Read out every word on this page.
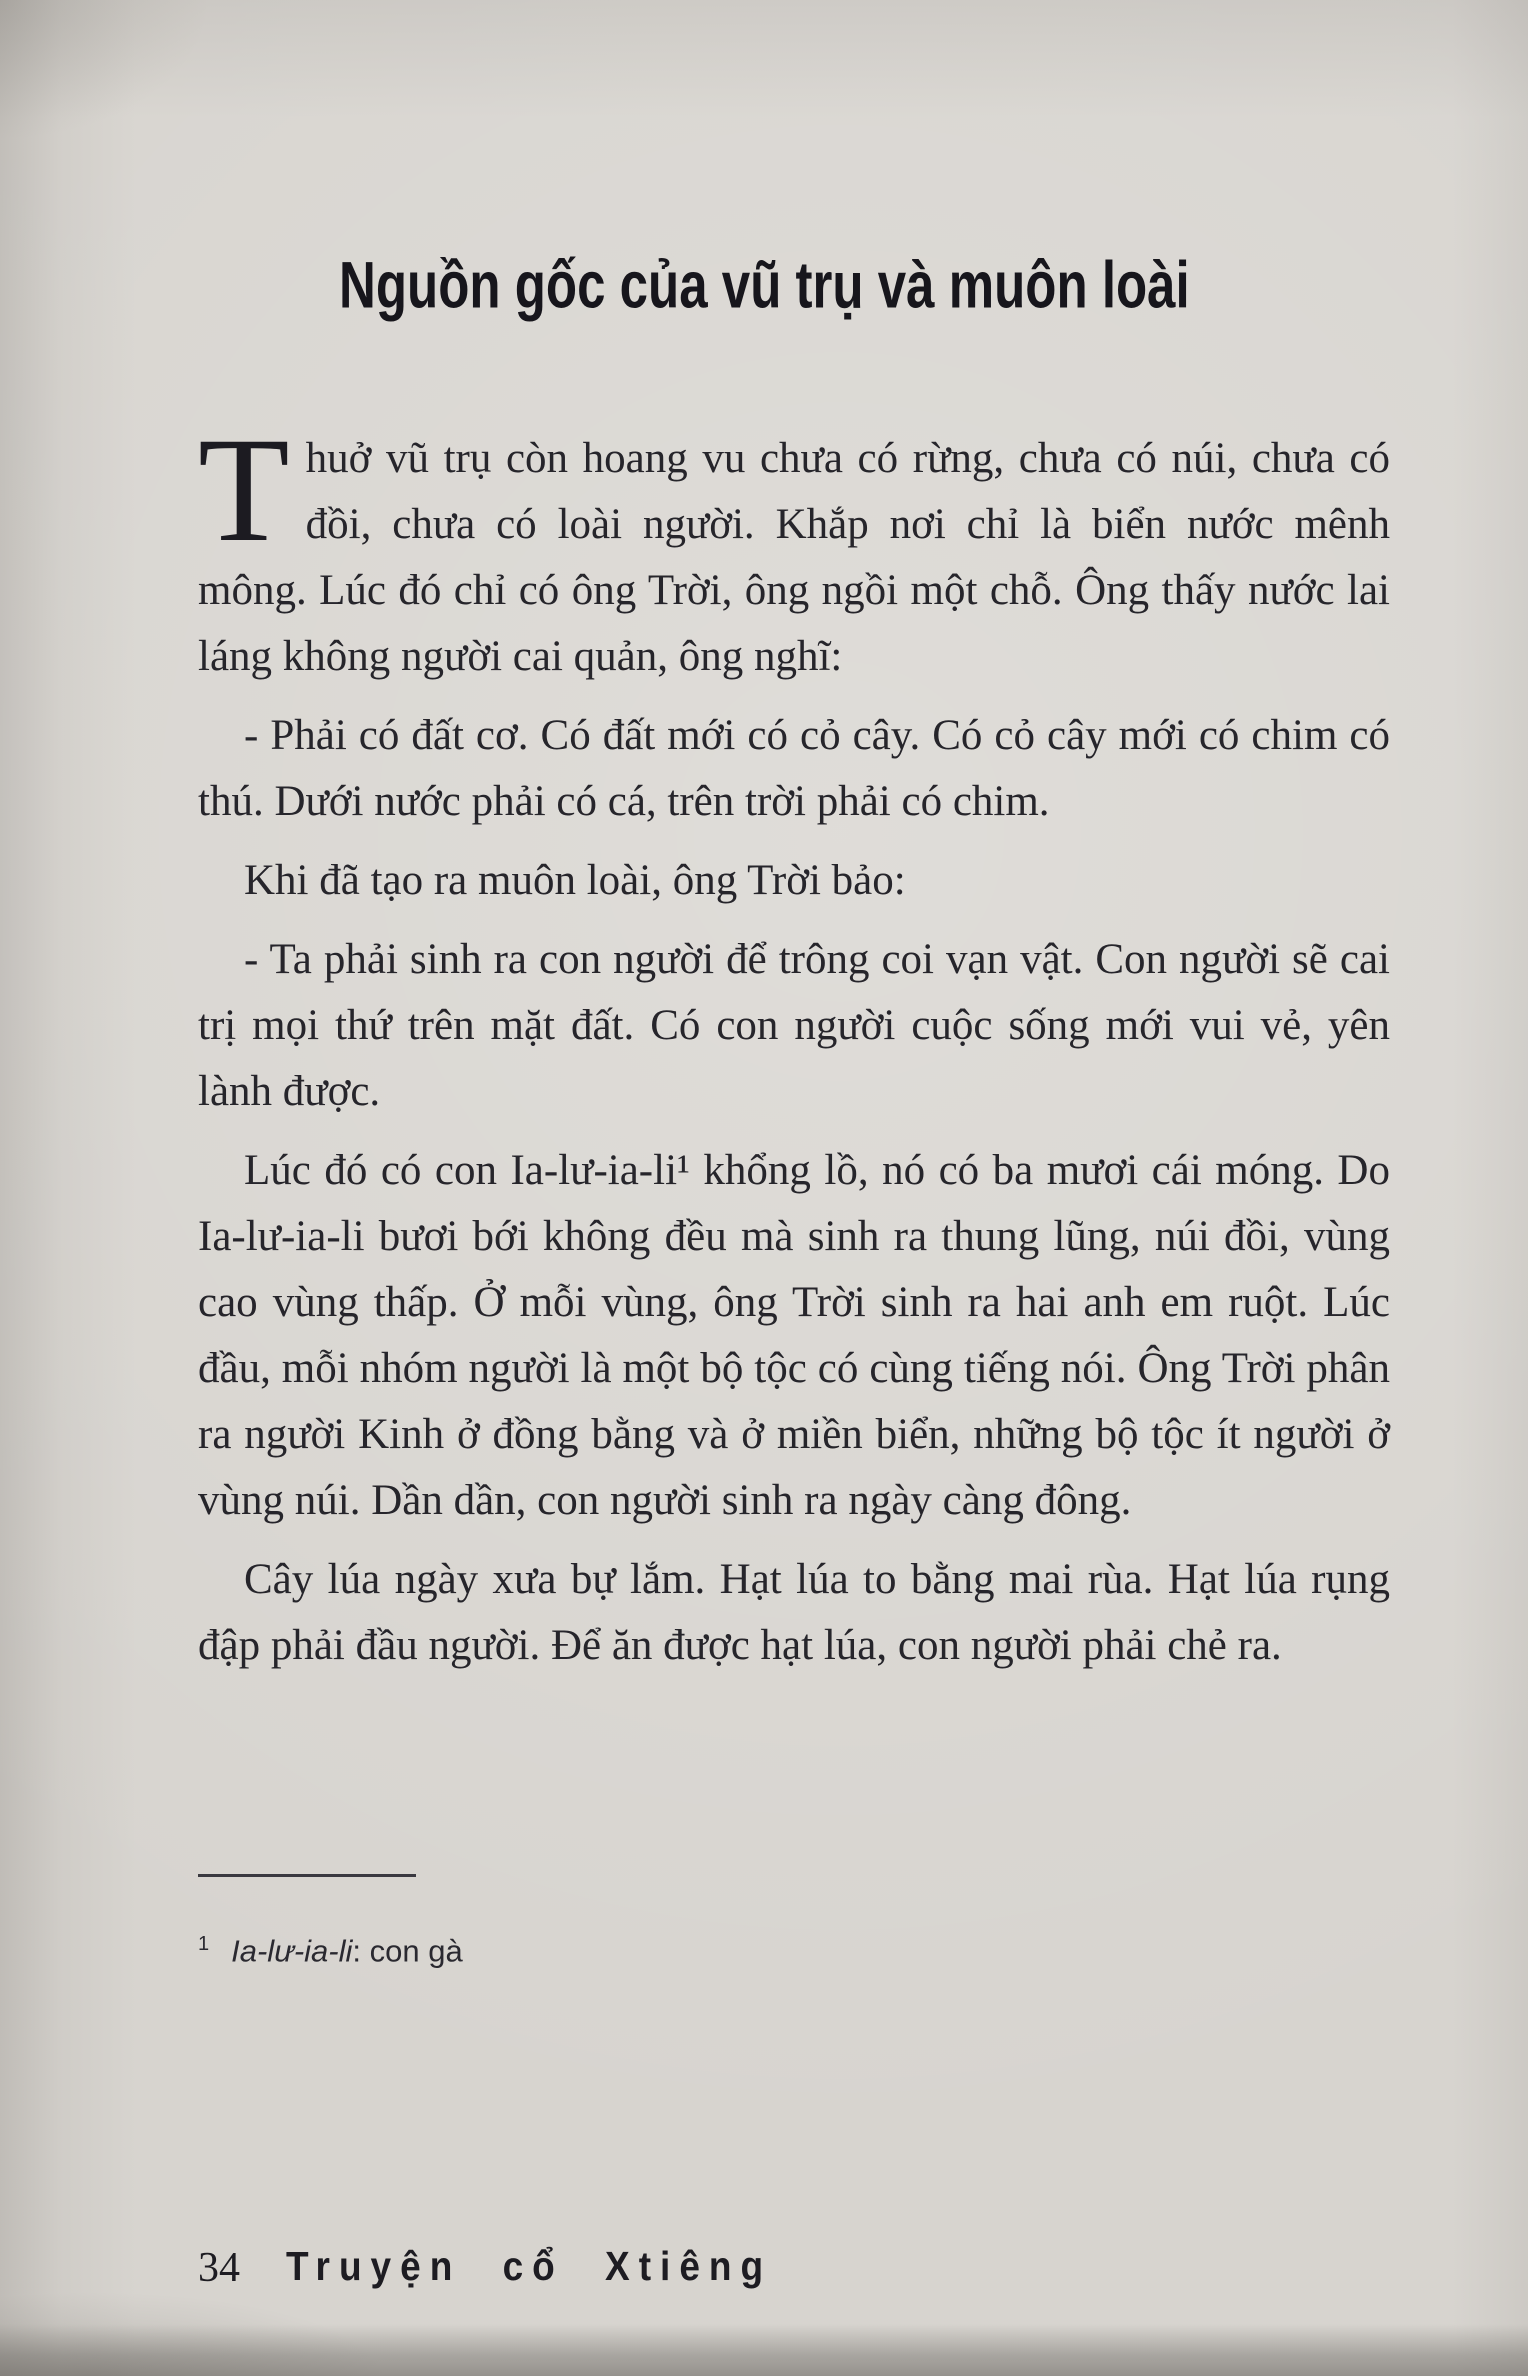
Nguồn gốc của vũ trụ và muôn loài

Thuở vũ trụ còn hoang vu chưa có rừng, chưa có núi, chưa có đồi, chưa có loài người. Khắp nơi chỉ là biển nước mênh mông. Lúc đó chỉ có ông Trời, ông ngồi một chỗ. Ông thấy nước lai láng không người cai quản, ông nghĩ:

- Phải có đất cơ. Có đất mới có cỏ cây. Có cỏ cây mới có chim có thú. Dưới nước phải có cá, trên trời phải có chim.

Khi đã tạo ra muôn loài, ông Trời bảo:

- Ta phải sinh ra con người để trông coi vạn vật. Con người sẽ cai trị mọi thứ trên mặt đất. Có con người cuộc sống mới vui vẻ, yên lành được.

Lúc đó có con Ia-lư-ia-li¹ khổng lồ, nó có ba mươi cái móng. Do Ia-lư-ia-li bươi bới không đều mà sinh ra thung lũng, núi đồi, vùng cao vùng thấp. Ở mỗi vùng, ông Trời sinh ra hai anh em ruột. Lúc đầu, mỗi nhóm người là một bộ tộc có cùng tiếng nói. Ông Trời phân ra người Kinh ở đồng bằng và ở miền biển, những bộ tộc ít người ở vùng núi. Dần dần, con người sinh ra ngày càng đông.

Cây lúa ngày xưa bự lắm. Hạt lúa to bằng mai rùa. Hạt lúa rụng đập phải đầu người. Để ăn được hạt lúa, con người phải chẻ ra.

$^1$ Ia-lư-ia-li: con gà

34 Truyện cổ Xtiêng
